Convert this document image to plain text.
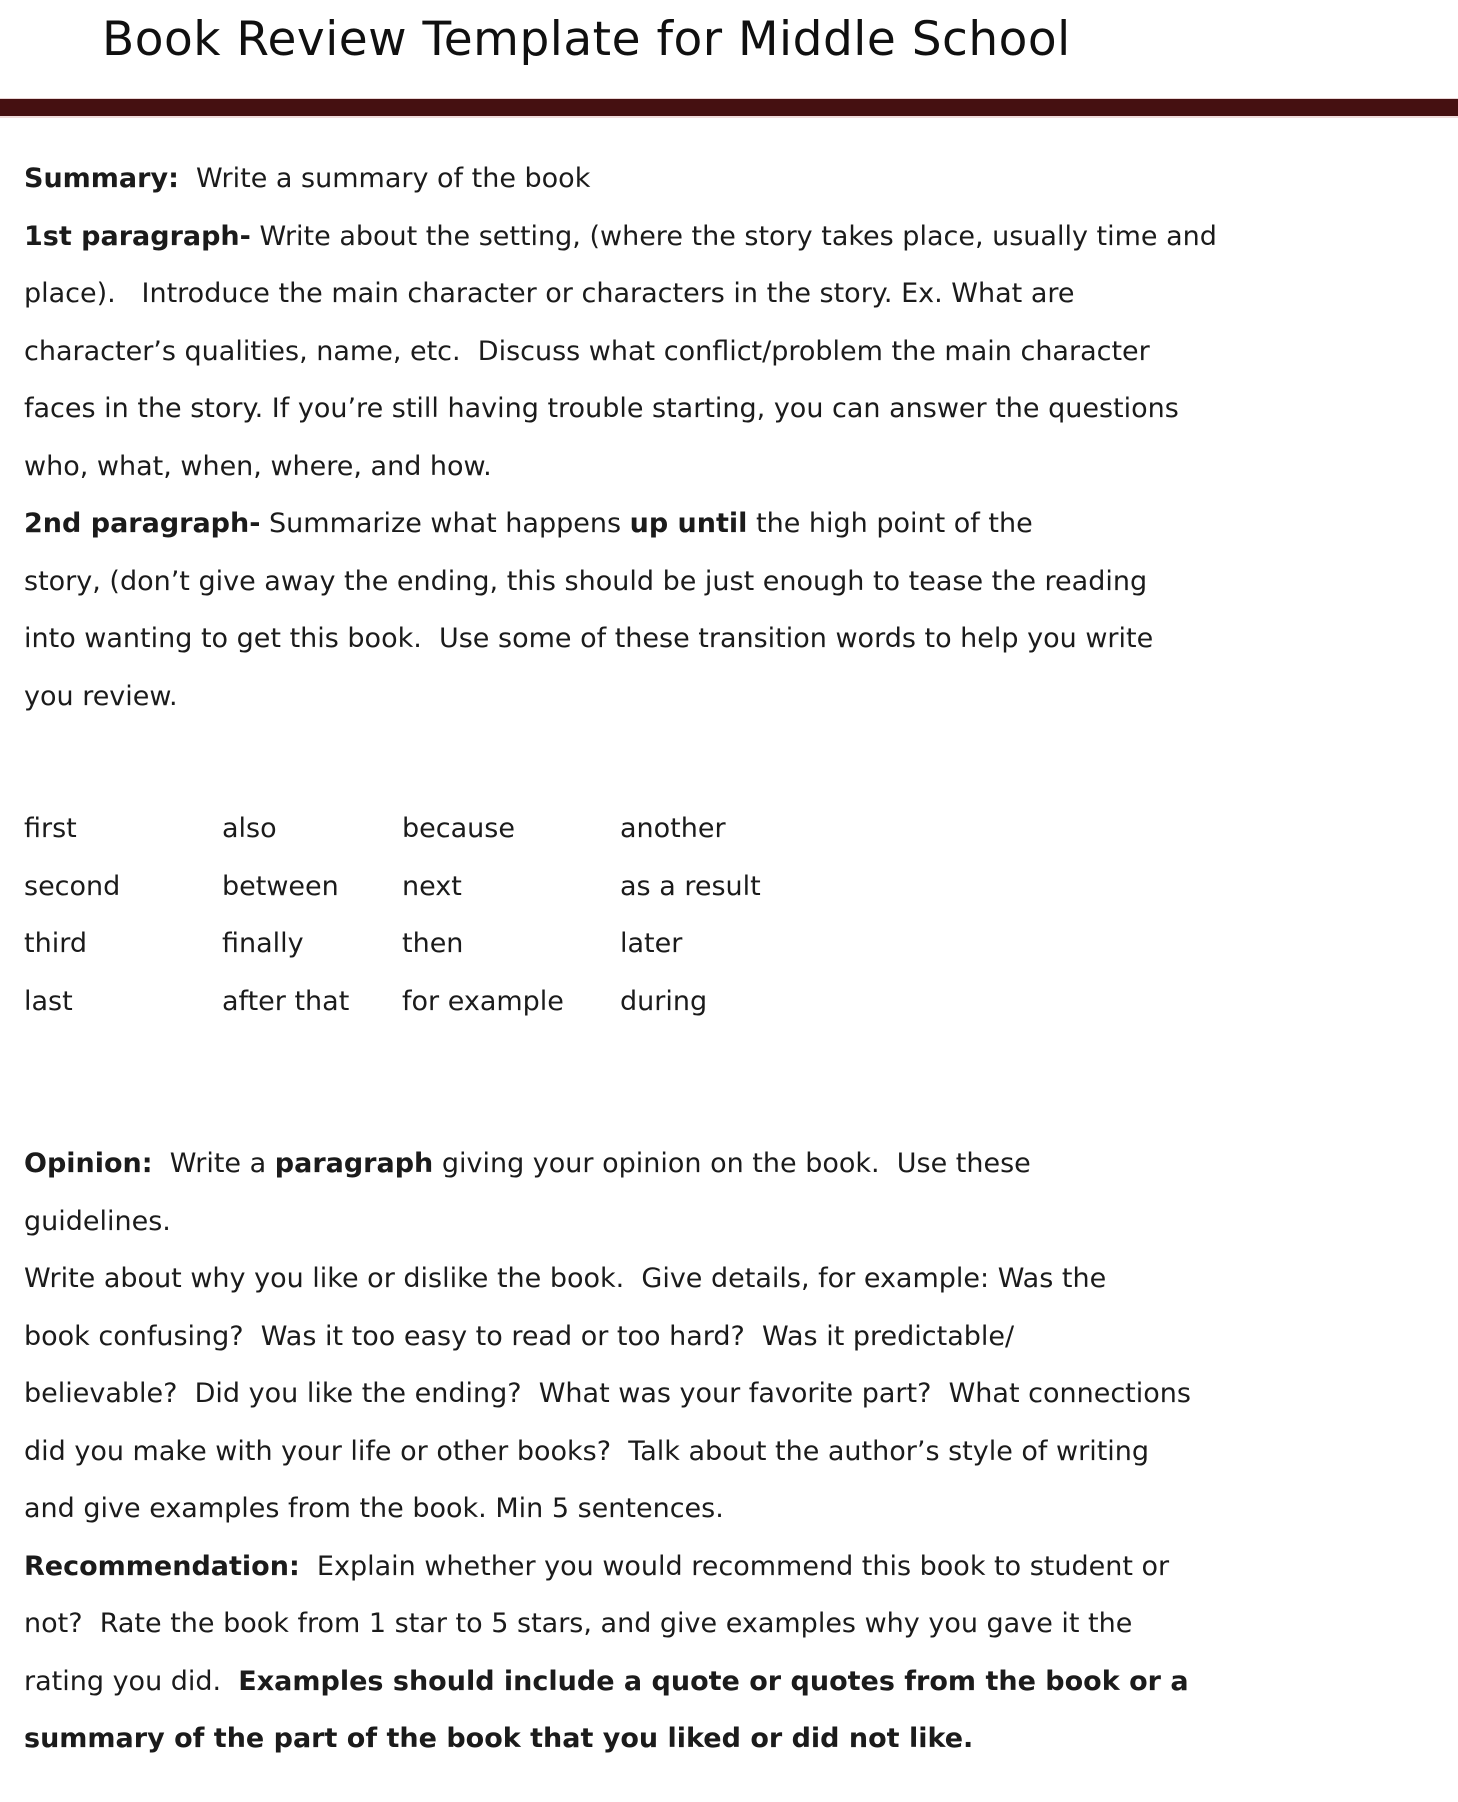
Book Review Template for Middle School
Summary:  Write a summary of the book
1st paragraph- Write about the setting, (where the story takes place, usually time and
place).   Introduce the main character or characters in the story. Ex. What are
character’s qualities, name, etc.  Discuss what conflict/problem the main character
faces in the story. If you’re still having trouble starting, you can answer the questions
who, what, when, where, and how.
2nd paragraph- Summarize what happens up until the high point of the
story, (don’t give away the ending, this should be just enough to tease the reading
into wanting to get this book.  Use some of these transition words to help you write
you review.
first	also	because	another
second	between	next	as a result
third	finally	then	later
last	after that	for example	during
Opinion:  Write a paragraph giving your opinion on the book.  Use these
guidelines.
Write about why you like or dislike the book.  Give details, for example: Was the
book confusing?  Was it too easy to read or too hard?  Was it predictable/
believable?  Did you like the ending?  What was your favorite part?  What connections
did you make with your life or other books?  Talk about the author’s style of writing
and give examples from the book. Min 5 sentences.
Recommendation:  Explain whether you would recommend this book to student or
not?  Rate the book from 1 star to 5 stars, and give examples why you gave it the
rating you did.  Examples should include a quote or quotes from the book or a
summary of the part of the book that you liked or did not like.
